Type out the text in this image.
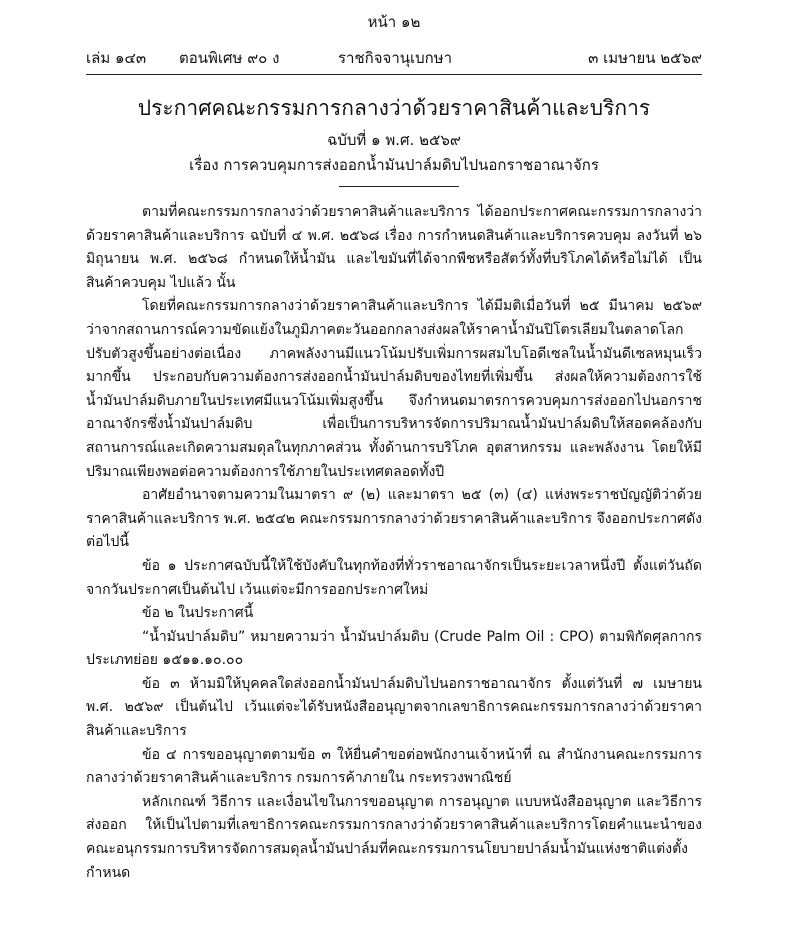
หน้า ๑๒
เล่ม ๑๔๓ ตอนพิเศษ ๙๐ ง	ราชกิจจานุเบกษา	๓ เมษายน ๒๕๖๙
ประกาศคณะกรรมการกลางว่าด้วยราคาสินค้าและบริการ
ฉบับที่ ๑ พ.ศ. ๒๕๖๙
เรื่อง การควบคุมการส่งออกน้ำมันปาล์มดิบไปนอกราชอาณาจักร

ตามที่คณะกรรมการกลางว่าด้วยราคาสินค้าและบริการ ได้ออกประกาศคณะกรรมการกลางว่าด้วยราคาสินค้าและบริการ ฉบับที่ ๔ พ.ศ. ๒๕๖๘ เรื่อง การกำหนดสินค้าและบริการควบคุม ลงวันที่ ๒๖ มิถุนายน พ.ศ. ๒๕๖๘ กำหนดให้น้ำมัน และไขมันที่ได้จากพืชหรือสัตว์ทั้งที่บริโภคได้หรือไม่ได้ เป็นสินค้าควบคุม ไปแล้ว นั้น

โดยที่คณะกรรมการกลางว่าด้วยราคาสินค้าและบริการ ได้มีมติเมื่อวันที่ ๒๕ มีนาคม ๒๕๖๙ ว่าจากสถานการณ์ความขัดแย้งในภูมิภาคตะวันออกกลางส่งผลให้ราคาน้ำมันปิโตรเลียมในตลาดโลกปรับตัวสูงขึ้นอย่างต่อเนื่อง ภาคพลังงานมีแนวโน้มปรับเพิ่มการผสมไบโอดีเซลในน้ำมันดีเซลหมุนเร็วมากขึ้น ประกอบกับความต้องการส่งออกน้ำมันปาล์มดิบของไทยที่เพิ่มขึ้น ส่งผลให้ความต้องการใช้น้ำมันปาล์มดิบภายในประเทศมีแนวโน้มเพิ่มสูงขึ้น จึงกำหนดมาตรการควบคุมการส่งออกไปนอกราชอาณาจักรซึ่งน้ำมันปาล์มดิบ เพื่อเป็นการบริหารจัดการปริมาณน้ำมันปาล์มดิบให้สอดคล้องกับสถานการณ์และเกิดความสมดุลในทุกภาคส่วน ทั้งด้านการบริโภค อุตสาหกรรม และพลังงาน โดยให้มีปริมาณเพียงพอต่อความต้องการใช้ภายในประเทศตลอดทั้งปี

อาศัยอำนาจตามความในมาตรา ๙ (๒) และมาตรา ๒๕ (๓) (๔) แห่งพระราชบัญญัติว่าด้วยราคาสินค้าและบริการ พ.ศ. ๒๕๔๒ คณะกรรมการกลางว่าด้วยราคาสินค้าและบริการ จึงออกประกาศดังต่อไปนี้

ข้อ ๑ ประกาศฉบับนี้ให้ใช้บังคับในทุกท้องที่ทั่วราชอาณาจักรเป็นระยะเวลาหนึ่งปี ตั้งแต่วันถัดจากวันประกาศเป็นต้นไป เว้นแต่จะมีการออกประกาศใหม่

ข้อ ๒ ในประกาศนี้

“น้ำมันปาล์มดิบ” หมายความว่า น้ำมันปาล์มดิบ (Crude Palm Oil : CPO) ตามพิกัดศุลกากรประเภทย่อย ๑๕๑๑.๑๐.๐๐

ข้อ ๓ ห้ามมิให้บุคคลใดส่งออกน้ำมันปาล์มดิบไปนอกราชอาณาจักร ตั้งแต่วันที่ ๗ เมษายน พ.ศ. ๒๕๖๙ เป็นต้นไป เว้นแต่จะได้รับหนังสืออนุญาตจากเลขาธิการคณะกรรมการกลางว่าด้วยราคาสินค้าและบริการ

ข้อ ๔ การขออนุญาตตามข้อ ๓ ให้ยื่นคำขอต่อพนักงานเจ้าหน้าที่ ณ สำนักงานคณะกรรมการกลางว่าด้วยราคาสินค้าและบริการ กรมการค้าภายใน กระทรวงพาณิชย์

หลักเกณฑ์ วิธีการ และเงื่อนไขในการขออนุญาต การอนุญาต แบบหนังสืออนุญาต และวิธีการส่งออก ให้เป็นไปตามที่เลขาธิการคณะกรรมการกลางว่าด้วยราคาสินค้าและบริการโดยคำแนะนำของคณะอนุกรรมการบริหารจัดการสมดุลน้ำมันปาล์มที่คณะกรรมการนโยบายปาล์มน้ำมันแห่งชาติแต่งตั้ง กำหนด
